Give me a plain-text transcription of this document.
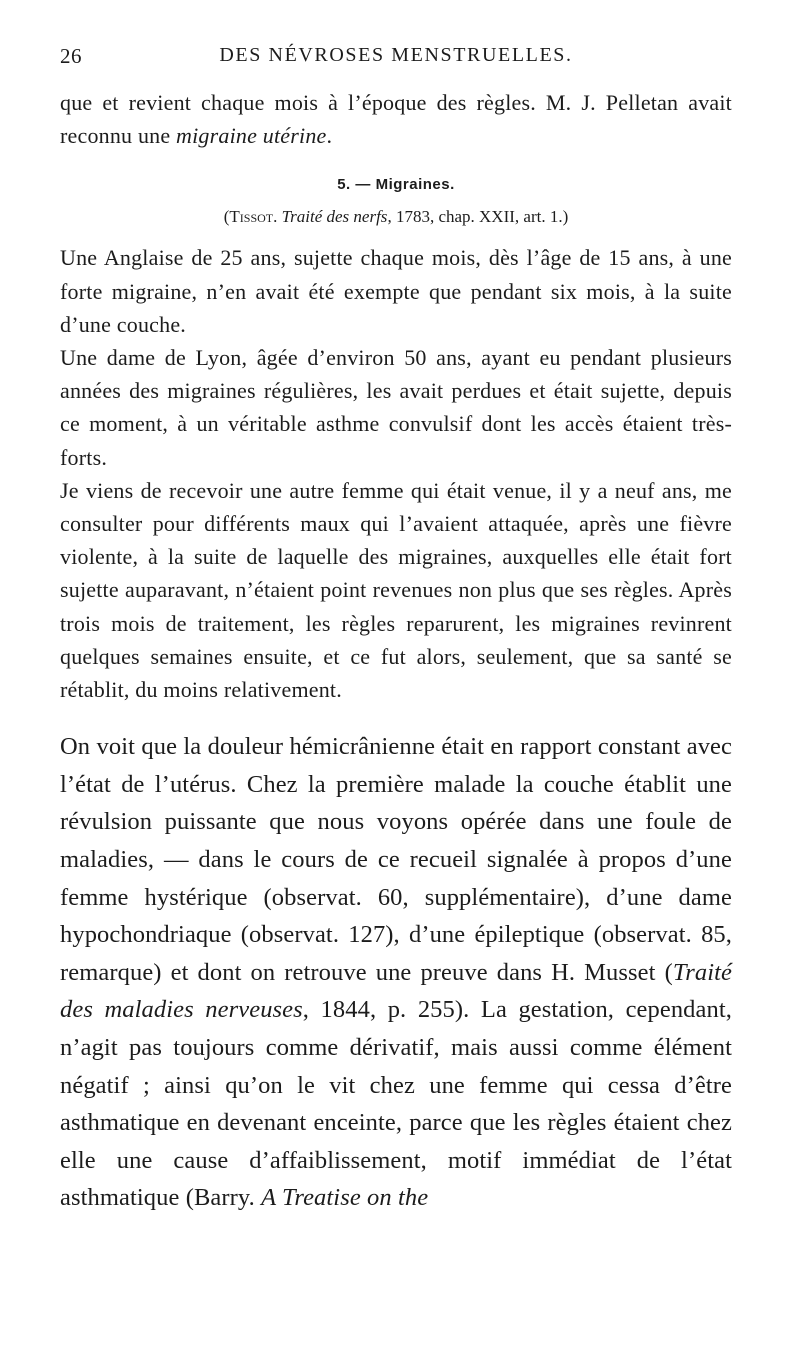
26	DES NÉVROSES MENSTRUELLES.

que et revient chaque mois à l’époque des règles. M. J. Pelletan avait reconnu une migraine utérine.

5. — Migraines.
(Tissot. Traité des nerfs, 1783, chap. XXII, art. 1.)

Une Anglaise de 25 ans, sujette chaque mois, dès l’âge de 15 ans, à une forte migraine, n’en avait été exempte que pendant six mois, à la suite d’une couche.

Une dame de Lyon, âgée d’environ 50 ans, ayant eu pendant plusieurs années des migraines régulières, les avait perdues et était sujette, depuis ce moment, à un véritable asthme convulsif dont les accès étaient très-forts.

Je viens de recevoir une autre femme qui était venue, il y a neuf ans, me consulter pour différents maux qui l’avaient attaquée, après une fièvre violente, à la suite de laquelle des migraines, auxquelles elle était fort sujette auparavant, n’étaient point revenues non plus que ses règles. Après trois mois de traitement, les règles reparurent, les migraines revinrent quelques semaines ensuite, et ce fut alors, seulement, que sa santé se rétablit, du moins relativement.

On voit que la douleur hémicrânienne était en rapport constant avec l’état de l’utérus. Chez la première malade la couche établit une révulsion puissante que nous voyons opérée dans une foule de maladies, — dans le cours de ce recueil signalée à propos d’une femme hystérique (observat. 60, supplémentaire), d’une dame hypochondriaque (observat. 127), d’une épileptique (observat. 85, remarque) et dont on retrouve une preuve dans H. Musset (Traité des maladies nerveuses, 1844, p. 255). La gestation, cependant, n’agit pas toujours comme dérivatif, mais aussi comme élément négatif ; ainsi qu’on le vit chez une femme qui cessa d’être asthmatique en devenant enceinte, parce que les règles étaient chez elle une cause d’affaiblissement, motif immédiat de l’état asthmatique (Barry. A Treatise on the
